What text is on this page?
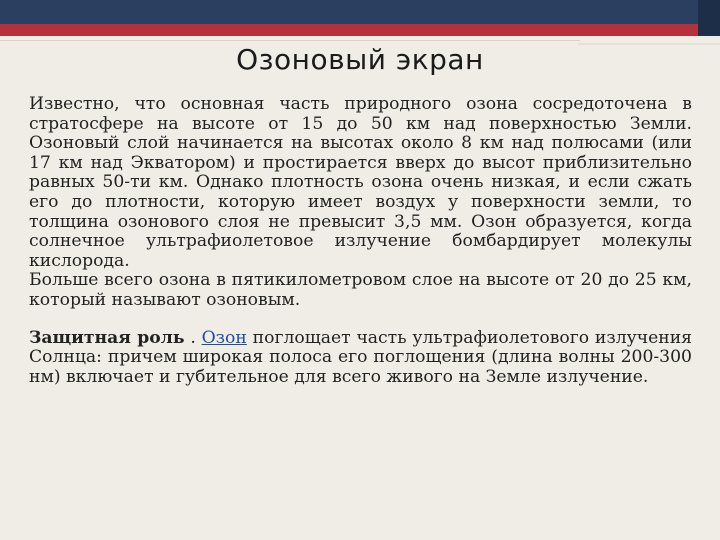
Озоновый экран

Известно, что основная часть природного озона сосредоточена в стратосфере на высоте от 15 до 50 км над поверхностью Земли. Озоновый слой начинается на высотах около 8 км над полюсами (или 17 км над Экватором) и простирается вверх до высот приблизительно равных 50-ти км. Однако плотность озона очень низкая, и если сжать его до плотности, которую имеет воздух у поверхности земли, то толщина озонового слоя не превысит 3,5 мм. Озон образуется, когда солнечное ультрафиолетовое излучение бомбардирует молекулы кислорода.

Больше всего озона в пятикилометровом слое на высоте от 20 до 25 км, который называют озоновым.

Защитная роль . Озон поглощает часть ультрафиолетового излучения Солнца: причем широкая полоса его поглощения (длина волны 200-300 нм) включает и губительное для всего живого на Земле излучение.
